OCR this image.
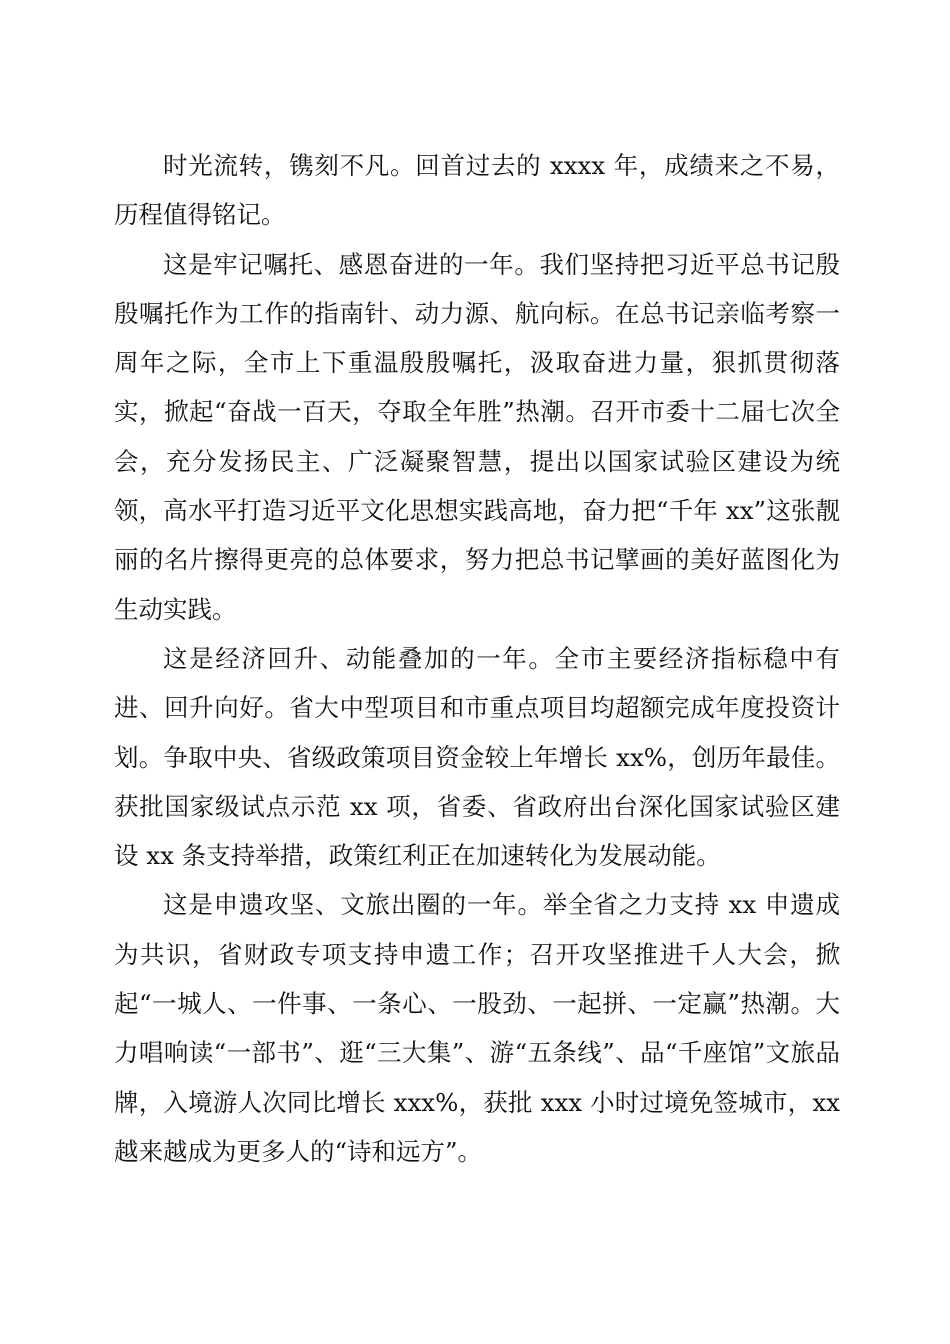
时光流转，镌刻不凡。回首过去的 xxxx 年，成绩来之不易，历程值得铭记。

这是牢记嘱托、感恩奋进的一年。我们坚持把习近平总书记殷殷嘱托作为工作的指南针、动力源、航向标。在总书记亲临考察一周年之际，全市上下重温殷殷嘱托，汲取奋进力量，狠抓贯彻落实，掀起“奋战一百天，夺取全年胜”热潮。召开市委十二届七次全会，充分发扬民主、广泛凝聚智慧，提出以国家试验区建设为统领，高水平打造习近平文化思想实践高地，奋力把“千年 xx”这张靓丽的名片擦得更亮的总体要求，努力把总书记擘画的美好蓝图化为生动实践。

这是经济回升、动能叠加的一年。全市主要经济指标稳中有进、回升向好。省大中型项目和市重点项目均超额完成年度投资计划。争取中央、省级政策项目资金较上年增长 xx%，创历年最佳。获批国家级试点示范 xx 项，省委、省政府出台深化国家试验区建设 xx 条支持举措，政策红利正在加速转化为发展动能。

这是申遗攻坚、文旅出圈的一年。举全省之力支持 xx 申遗成为共识，省财政专项支持申遗工作；召开攻坚推进千人大会，掀起“一城人、一件事、一条心、一股劲、一起拼、一定赢”热潮。大力唱响读“一部书”、逛“三大集”、游“五条线”、品“千座馆”文旅品牌，入境游人次同比增长 xxx%，获批 xxx 小时过境免签城市，xx 越来越成为更多人的“诗和远方”。
